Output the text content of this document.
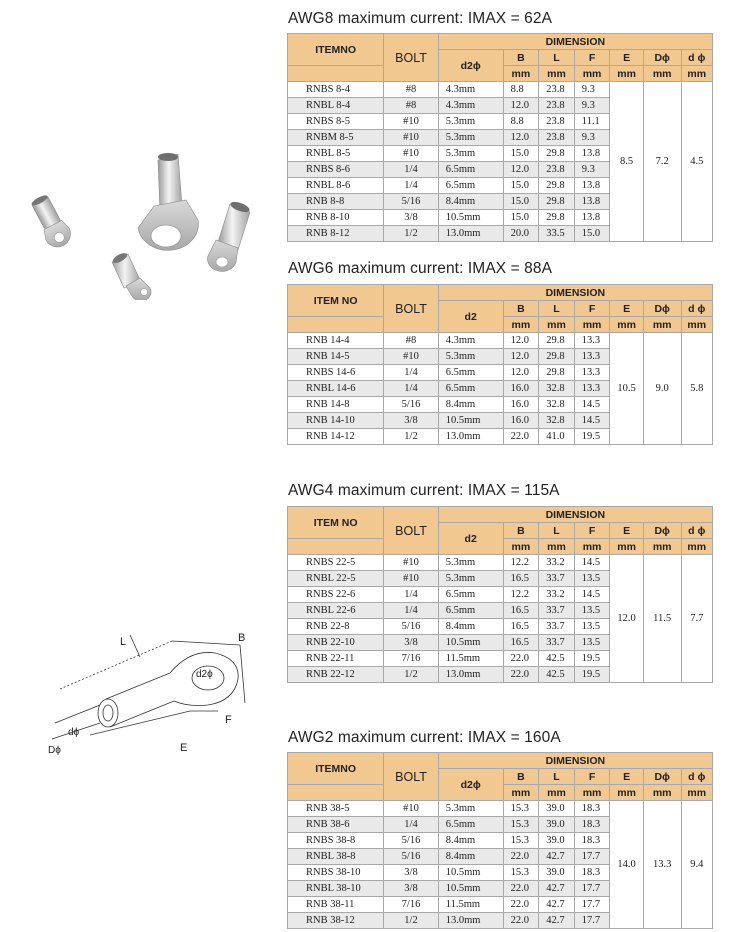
L	B
d2ϕ
dϕ
Dϕ
F
E
AWG8 maximum current: IMAX = 62A
AWG6 maximum current: IMAX = 88A
AWG4 maximum current: IMAX = 115A
AWG2 maximum current: IMAX = 160A
ITEMNO	BOLT	DIMENSION						
		d2ϕ	B	L	F	E	Dϕ	d ϕ
			mm	mm	mm	mm	mm	mm
RNBS 8-4	#8	4.3mm	8.8	23.8	9.3	8.5	7.2	4.5
RNBL 8-4	#8	4.3mm	12.0	23.8	9.3			
RNBS 8-5	#10	5.3mm	8.8	23.8	11.1			
RNBM 8-5	#10	5.3mm	12.0	23.8	9.3			
RNBL 8-5	#10	5.3mm	15.0	29.8	13.8			
RNBS 8-6	1/4	6.5mm	12.0	23.8	9.3			
RNBL 8-6	1/4	6.5mm	15.0	29.8	13.8			
RNB 8-8	5/16	8.4mm	15.0	29.8	13.8			
RNB 8-10	3/8	10.5mm	15.0	29.8	13.8			
RNB 8-12	1/2	13.0mm	20.0	33.5	15.0			
ITEM NO	BOLT	DIMENSION						
		d2	B	L	F	E	Dϕ	d ϕ
			mm	mm	mm	mm	mm	mm
RNB 14-4	#8	4.3mm	12.0	29.8	13.3	10.5	9.0	5.8
RNB 14-5	#10	5.3mm	12.0	29.8	13.3			
RNBS 14-6	1/4	6.5mm	12.0	29.8	13.3			
RNBL 14-6	1/4	6.5mm	16.0	32.8	13.3			
RNB 14-8	5/16	8.4mm	16.0	32.8	14.5			
RNB 14-10	3/8	10.5mm	16.0	32.8	14.5			
RNB 14-12	1/2	13.0mm	22.0	41.0	19.5			
ITEM NO	BOLT	DIMENSION						
		d2	B	L	F	E	Dϕ	d ϕ
			mm	mm	mm	mm	mm	mm
RNBS 22-5	#10	5.3mm	12.2	33.2	14.5	12.0	11.5	7.7
RNBL 22-5	#10	5.3mm	16.5	33.7	13.5			
RNBS 22-6	1/4	6.5mm	12.2	33.2	14.5			
RNBL 22-6	1/4	6.5mm	16.5	33.7	13.5			
RNB 22-8	5/16	8.4mm	16.5	33.7	13.5			
RNB 22-10	3/8	10.5mm	16.5	33.7	13.5			
RNB 22-11	7/16	11.5mm	22.0	42.5	19.5			
RNB 22-12	1/2	13.0mm	22.0	42.5	19.5			
ITEMNO	BOLT	DIMENSION						
		d2ϕ	B	L	F	E	Dϕ	d ϕ
			mm	mm	mm	mm	mm	mm
RNB 38-5	#10	5.3mm	15.3	39.0	18.3	14.0	13.3	9.4
RNB 38-6	1/4	6.5mm	15.3	39.0	18.3			
RNBS 38-8	5/16	8.4mm	15.3	39.0	18.3			
RNBL 38-8	5/16	8.4mm	22.0	42.7	17.7			
RNBS 38-10	3/8	10.5mm	15.3	39.0	18.3			
RNBL 38-10	3/8	10.5mm	22.0	42.7	17.7			
RNB 38-11	7/16	11.5mm	22.0	42.7	17.7			
RNB 38-12	1/2	13.0mm	22.0	42.7	17.7			
